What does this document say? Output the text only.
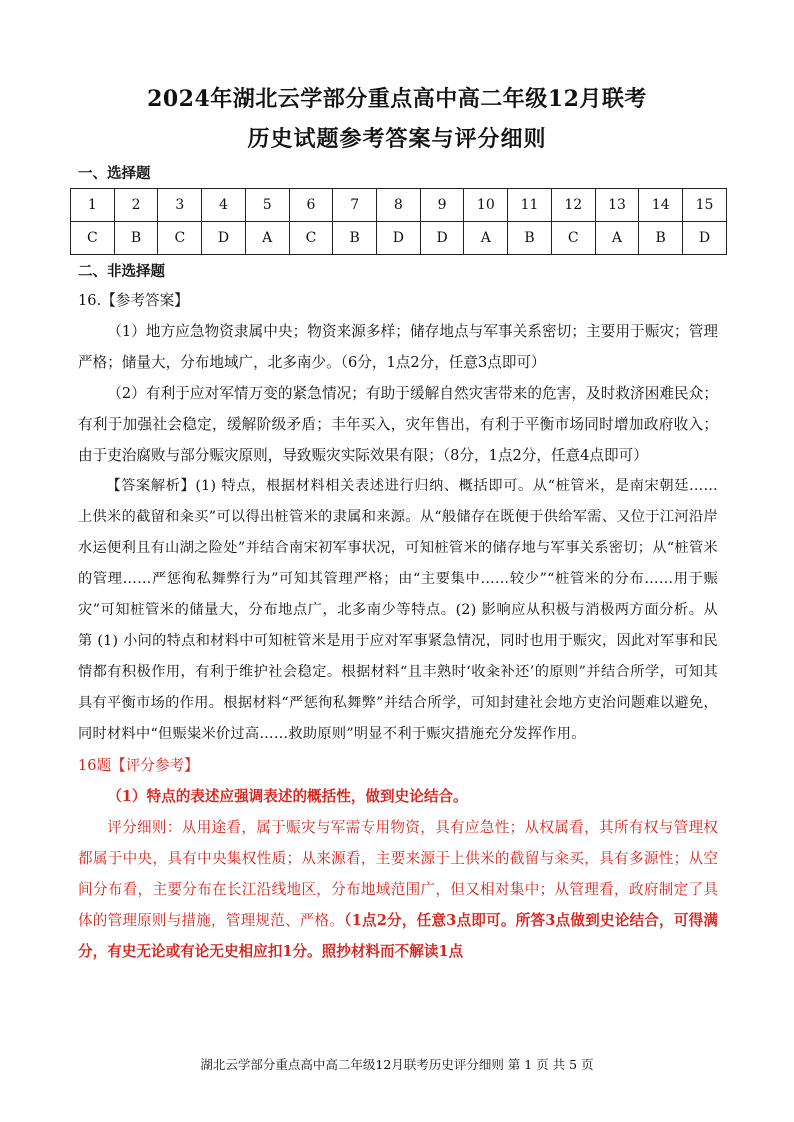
2024年湖北云学部分重点高中高二年级12月联考
历史试题参考答案与评分细则
一、选择题
1	2	3	4	5	6	7	8	9	10	11	12	13	14	15
C	B	C	D	A	C	B	D	D	A	B	C	A	B	D
二、非选择题

16.【参考答案】

（1）地方应急物资隶属中央；物资来源多样；储存地点与军事关系密切；主要用于赈灾；管理严格；储量大，分布地域广，北多南少。（6分，1点2分，任意3点即可）

（2）有利于应对军情万变的紧急情况；有助于缓解自然灾害带来的危害，及时救济困难民众；有利于加强社会稳定，缓解阶级矛盾；丰年买入，灾年售出，有利于平衡市场同时增加政府收入；由于吏治腐败与部分赈灾原则，导致赈灾实际效果有限；（8分，1点2分，任意4点即可）

【答案解析】(1) 特点，根据材料相关表述进行归纳、概括即可。从“桩管米，是南宋朝廷……上供米的截留和籴买”可以得出桩管米的隶属和来源。从“般储存在既便于供给军需、又位于江河沿岸水运便利且有山湖之险处”并结合南宋初军事状况，可知桩管米的储存地与军事关系密切；从“桩管米的管理……严惩徇私舞弊行为”可知其管理严格；由“主要集中……较少”“桩管米的分布……用于赈灾”可知桩管米的储量大，分布地点广，北多南少等特点。(2) 影响应从积极与消极两方面分析。从第 (1) 小问的特点和材料中可知桩管米是用于应对军事紧急情况，同时也用于赈灾，因此对军事和民情都有积极作用，有利于维护社会稳定。根据材料“且丰熟时‘收籴补还’的原则”并结合所学，可知其具有平衡市场的作用。根据材料“严惩徇私舞弊”并结合所学，可知封建社会地方吏治问题难以避免，同时材料中“但赈粜米价过高……救助原则”明显不利于赈灾措施充分发挥作用。

16题【评分参考】

（1）特点的表述应强调表述的概括性，做到史论结合。

评分细则：从用途看，属于赈灾与军需专用物资，具有应急性；从权属看，其所有权与管理权都属于中央，具有中央集权性质；从来源看，主要来源于上供米的截留与籴买，具有多源性；从空间分布看，主要分布在长江沿线地区，分布地域范围广，但又相对集中；从管理看，政府制定了具体的管理原则与措施，管理规范、严格。（1点2分，任意3点即可。所答3点做到史论结合，可得满分，有史无论或有论无史相应扣1分。照抄材料而不解读1点

湖北云学部分重点高中高二年级12月联考历史评分细则 第 1 页 共 5 页
